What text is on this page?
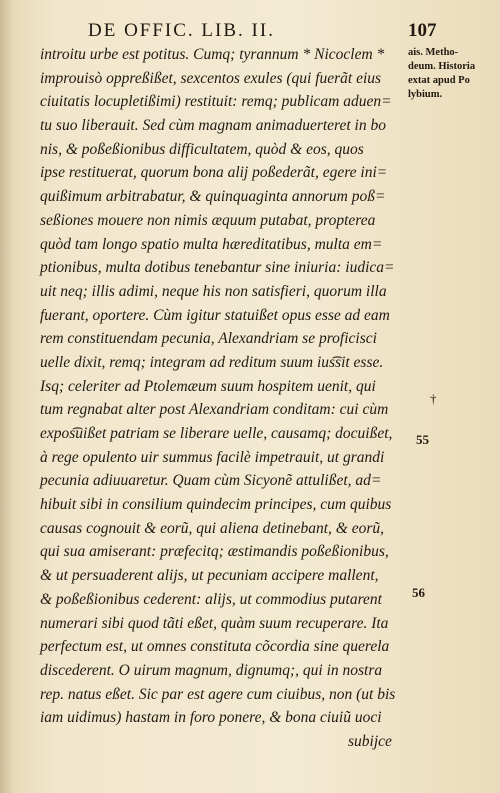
DE OFFIC. LIB. II.	107
introitu urbe est potitus. Cumq; tyrannum * Nicoclem *
improuisò oppreßißet, sexcentos exules (qui fuerãt eius
ciuitatis locupletißimi) restituit: remq; publicam aduen=
tu suo liberauit. Sed cùm magnam animaduerteret in bo
nis, & poßeßionibus difficultatem, quòd & eos, quos
ipse restituerat, quorum bona alij poßederãt, egere ini=
quißimum arbitrabatur, & quinquaginta annorum poß=
seßiones mouere non nimis æquum putabat, propterea
quòd tam longo spatio multa hæreditatibus, multa em=
ptionibus, multa dotibus tenebantur sine iniuria: iudica=
uit neq; illis adimi, neque his non satisfieri, quorum illa
fuerant, oportere. Cùm igitur statuißet opus esse ad eam
rem constituendam pecunia, Alexandriam se proficisci
uelle dixit, remq; integram ad reditum suum ius͡sit esse.
Isq; celeriter ad Ptolemæum suum hospitem uenit, qui
tum regnabat alter post Alexandriam conditam: cui cùm
expos͡uißet patriam se liberare uelle, causamq; docuißet,
à rege opulento uir summus facilè impetrauit, ut grandi
pecunia adiuuaretur. Quam cùm Sicyonẽ attulißet, ad=
hibuit sibi in consilium quindecim principes, cum quibus
causas cognouit & eorũ, qui aliena detinebant, & eorũ,
qui sua amiserant: præfecitq; æstimandis poßeßionibus,
& ut persuaderent alijs, ut pecuniam accipere mallent,
& poßeßionibus cederent: alijs, ut commodius putarent
numerari sibi quod tãti eßet, quàm suum recuperare. Ita
perfectum est, ut omnes constituta cõcordia sine querela
discederent. O uirum magnum, dignumq;, qui in nostra
rep. natus eßet. Sic par est agere cum ciuibus, non (ut bis
iam uidimus) hastam in foro ponere, & bona ciuiũ uoci
subijce
ais. Metho-
deum. Historia
extat apud Po
lybium.
†
55
56
